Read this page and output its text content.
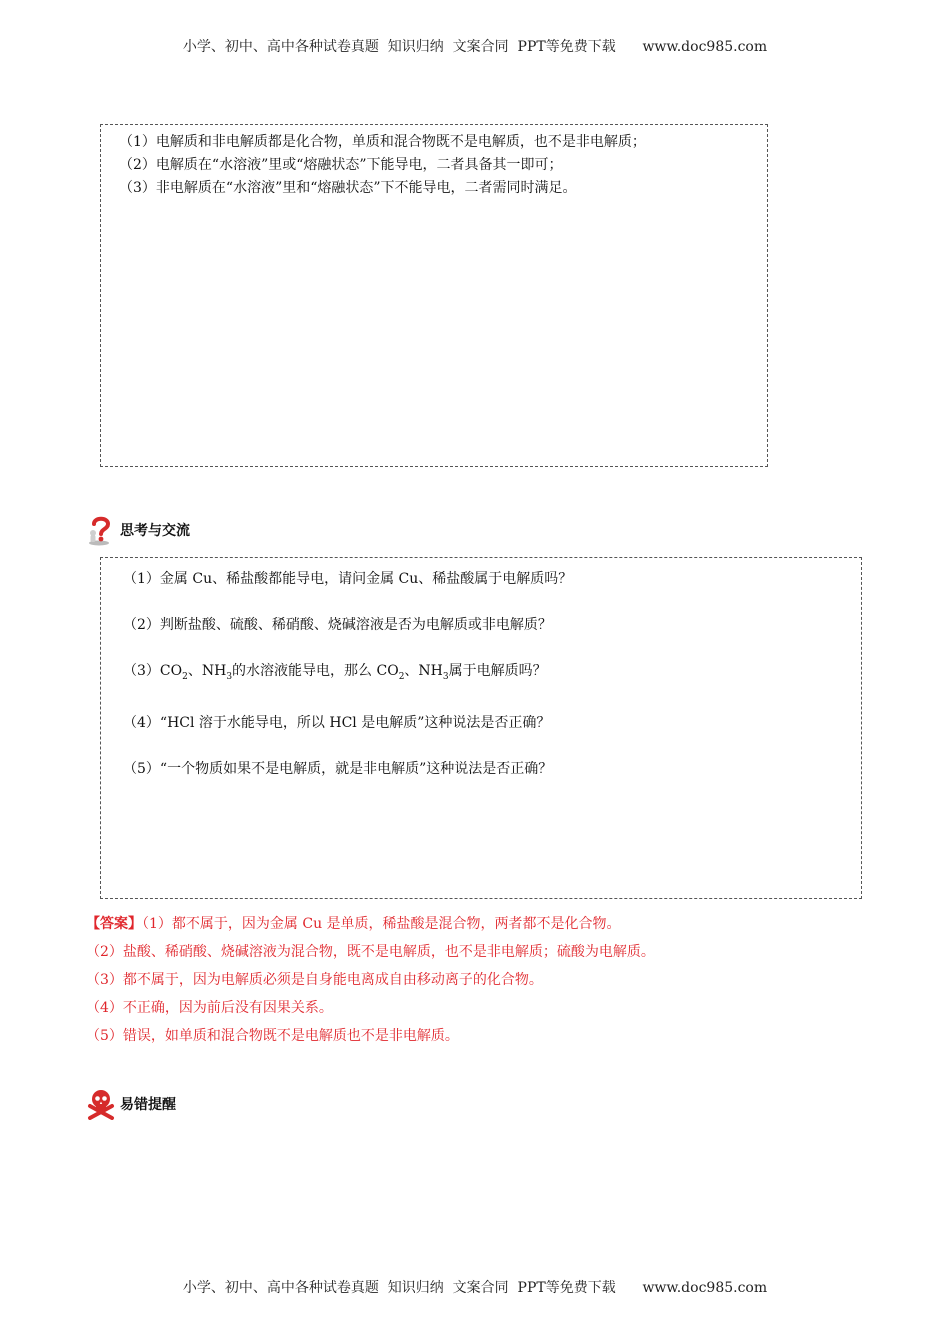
小学、初中、高中各种试卷真题  知识归纳  文案合同  PPT等免费下载      www.doc985.com
（1）电解质和非电解质都是化合物，单质和混合物既不是电解质，也不是非电解质；
（2）电解质在“水溶液”里或“熔融状态”下能导电，二者具备其一即可；
（3）非电解质在“水溶液”里和“熔融状态”下不能导电，二者需同时满足。
思考与交流
（1）金属 Cu、稀盐酸都能导电，请问金属 Cu、稀盐酸属于电解质吗？
（2）判断盐酸、硫酸、稀硝酸、烧碱溶液是否为电解质或非电解质？
$(3)CO_2$、$NH_3$的水溶液能导电，那么 $CO_2$、$NH_3$属于电解质吗？
（4）“HCl 溶于水能导电，所以 HCl 是电解质”这种说法是否正确？
（5）“一个物质如果不是电解质，就是非电解质”这种说法是否正确？
【答案】（1）都不属于，因为金属 Cu 是单质，稀盐酸是混合物，两者都不是化合物。
（2）盐酸、稀硝酸、烧碱溶液为混合物，既不是电解质，也不是非电解质；硫酸为电解质。
（3）都不属于，因为电解质必须是自身能电离成自由移动离子的化合物。
（4）不正确，因为前后没有因果关系。
（5）错误，如单质和混合物既不是电解质也不是非电解质。
易错提醒
小学、初中、高中各种试卷真题  知识归纳  文案合同  PPT等免费下载      www.doc985.com
